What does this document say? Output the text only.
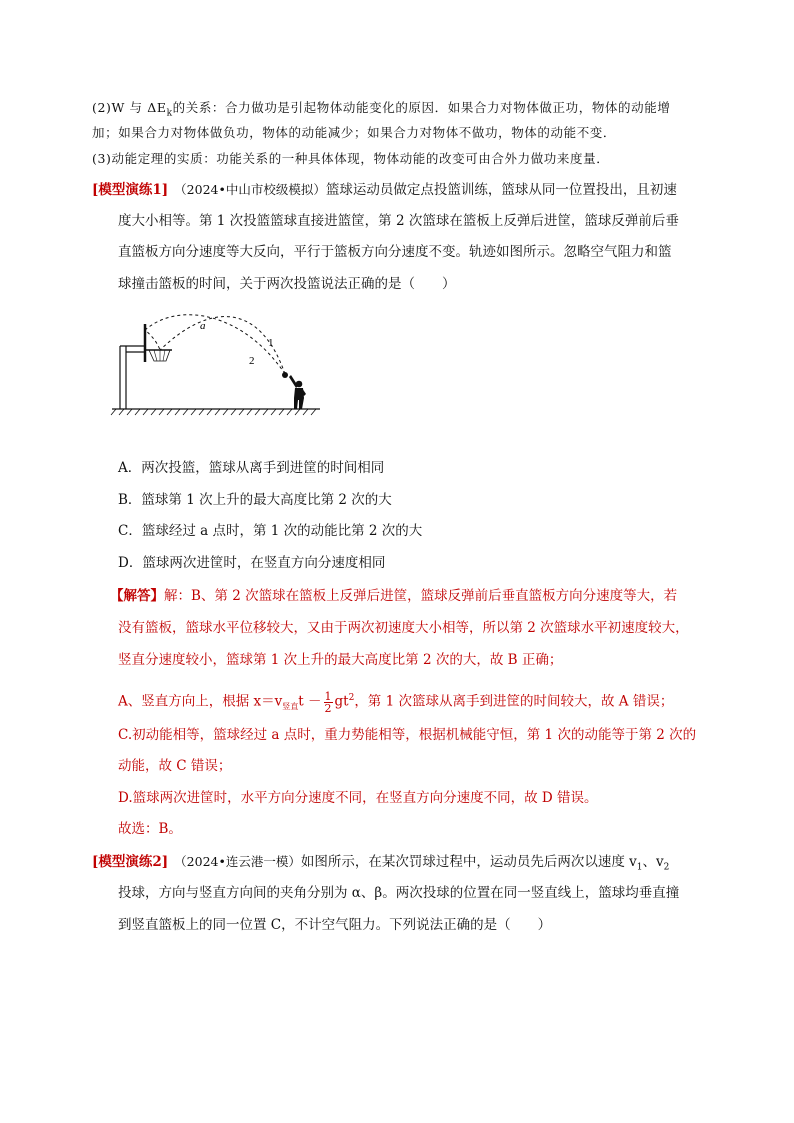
(2)W 与 $\Delta E_k$的关系：合力做功是引起物体动能变化的原因．如果合力对物体做正功，物体的动能增
加；如果合力对物体做负功，物体的动能减少；如果合力对物体不做功，物体的动能不变．
(3)动能定理的实质：功能关系的一种具体体现，物体动能的改变可由合外力做功来度量．
[模型演练1] （2024•中山市校级模拟）篮球运动员做定点投篮训练，篮球从同一位置投出，且初速
度大小相等。第 1 次投篮篮球直接进篮筐，第 2 次篮球在篮板上反弹后进筐，篮球反弹前后垂
直篮板方向分速度等大反向，平行于篮板方向分速度不变。轨迹如图所示。忽略空气阻力和篮
球撞击篮板的时间，关于两次投篮说法正确的是（　　）
a
1
2
A．两次投篮，篮球从离手到进筐的时间相同
B．篮球第 1 次上升的最大高度比第 2 次的大
C．篮球经过 a 点时，第 1 次的动能比第 2 次的大
D．篮球两次进筐时，在竖直方向分速度相同
【解答】解：B、第 2 次篮球在篮板上反弹后进筐，篮球反弹前后垂直篮板方向分速度等大，若
没有篮板，篮球水平位移较大，又由于两次初速度大小相等，所以第 2 次篮球水平初速度较大，
竖直分速度较小，篮球第 1 次上升的最大高度比第 2 次的大，故 B 正确；
A、竖直方向上，根据 $x=v_{竖直}t - \frac{1}{2} gt^2$，第 1 次篮球从离手到进筐的时间较大，故 A 错误；
C.初动能相等，篮球经过 a 点时，重力势能相等，根据机械能守恒，第 1 次的动能等于第 2 次的
动能，故 C 错误；
D.篮球两次进筐时，水平方向分速度不同，在竖直方向分速度不同，故 D 错误。
故选：B。
[模型演练2] （2024•连云港一模）如图所示，在某次罚球过程中，运动员先后两次以速度 $v_1$、$v_2$
投球，方向与竖直方向间的夹角分别为 α、β。两次投球的位置在同一竖直线上，篮球均垂直撞
到竖直篮板上的同一位置 C，不计空气阻力。下列说法正确的是（　　）
